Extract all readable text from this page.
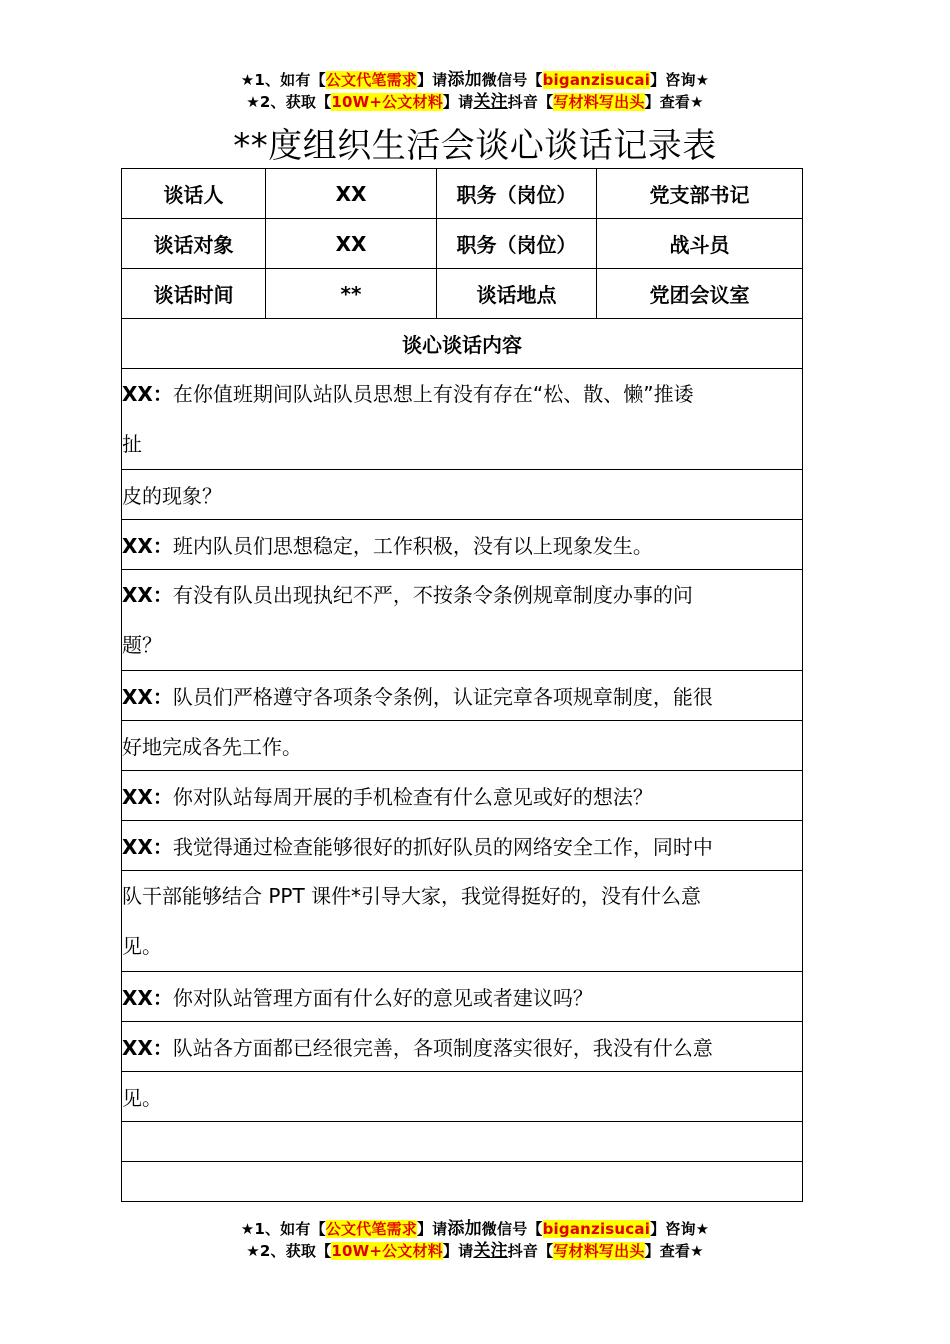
★1、如有【公文代笔需求】请添加微信号【biganzisucai】咨询★
★2、获取【10W+公文材料】请关注抖音【写材料写出头】查看★
**度组织生活会谈心谈话记录表
谈话人	XX	职务（岗位）	党支部书记
谈话对象	XX	职务（岗位）	战斗员
谈话时间	**	谈话地点	党团会议室
谈心谈话内容			

XX：在你值班期间队站队员思想上有没有存在“松、散、懒”推诿
扯			

皮的现象？			
XX：班内队员们思想稳定，工作积极，没有以上现象发生。			

XX：有没有队员出现执纪不严，不按条令条例规章制度办事的问
题？			

XX：队员们严格遵守各项条令条例，认证完章各项规章制度，能很			
好地完成各先工作。			
XX：你对队站每周开展的手机检查有什么意见或好的想法？			
XX：我觉得通过检查能够很好的抓好队员的网络安全工作，同时中			

队干部能够结合 PPT 课件*引导大家，我觉得挺好的，没有什么意
见。			

XX：你对队站管理方面有什么好的意见或者建议吗？			
XX：队站各方面都已经很完善，各项制度落实很好，我没有什么意			
见。			

★1、如有【公文代笔需求】请添加微信号【biganzisucai】咨询★
★2、获取【10W+公文材料】请关注抖音【写材料写出头】查看★
